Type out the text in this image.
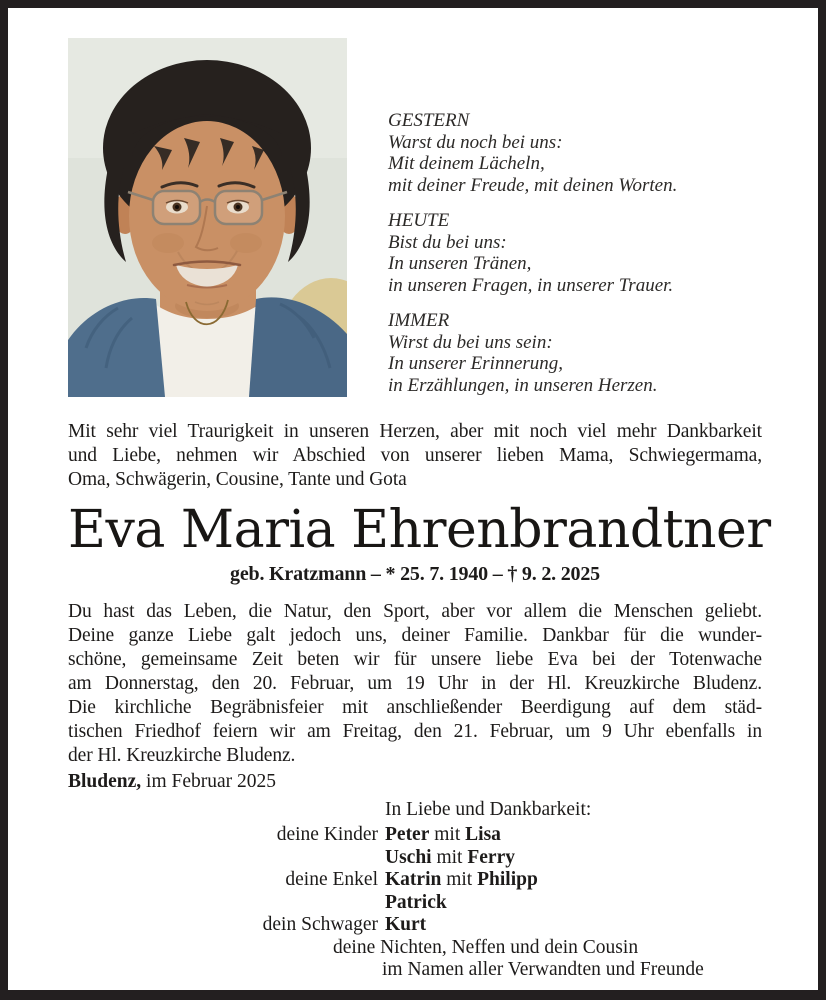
GESTERN
Warst du noch bei uns:
Mit deinem Lächeln,
mit deiner Freude, mit deinen Worten.
HEUTE
Bist du bei uns:
In unseren Tränen,
in unseren Fragen, in unserer Trauer.
IMMER
Wirst du bei uns sein:
In unserer Erinnerung,
in Erzählungen, in unseren Herzen.
Mit sehr viel Traurigkeit in unseren Herzen, aber mit noch viel mehr Dankbarkeit
und Liebe, nehmen wir Abschied von unserer lieben Mama, Schwiegermama,
Oma, Schwägerin, Cousine, Tante und Gota
Eva Maria Ehrenbrandtner
geb. Kratzmann – * 25. 7. 1940 – † 9. 2. 2025
Du hast das Leben, die Natur, den Sport, aber vor allem die Menschen geliebt.
Deine ganze Liebe galt jedoch uns, deiner Familie. Dankbar für die wunder-
schöne, gemeinsame Zeit beten wir für unsere liebe Eva bei der Totenwache
am Donnerstag, den 20. Februar, um 19 Uhr in der Hl. Kreuzkirche Bludenz.
Die kirchliche Begräbnisfeier mit anschließender Beerdigung auf dem städ-
tischen Friedhof feiern wir am Freitag, den 21. Februar, um 9 Uhr ebenfalls in
der Hl. Kreuzkirche Bludenz.
Bludenz, im Februar 2025
In Liebe und Dankbarkeit:
deine Kinder Peter mit Lisa
Uschi mit Ferry
deine Enkel Katrin mit Philipp
Patrick
dein Schwager Kurt
deine Nichten, Neffen und dein Cousin
im Namen aller Verwandten und Freunde
